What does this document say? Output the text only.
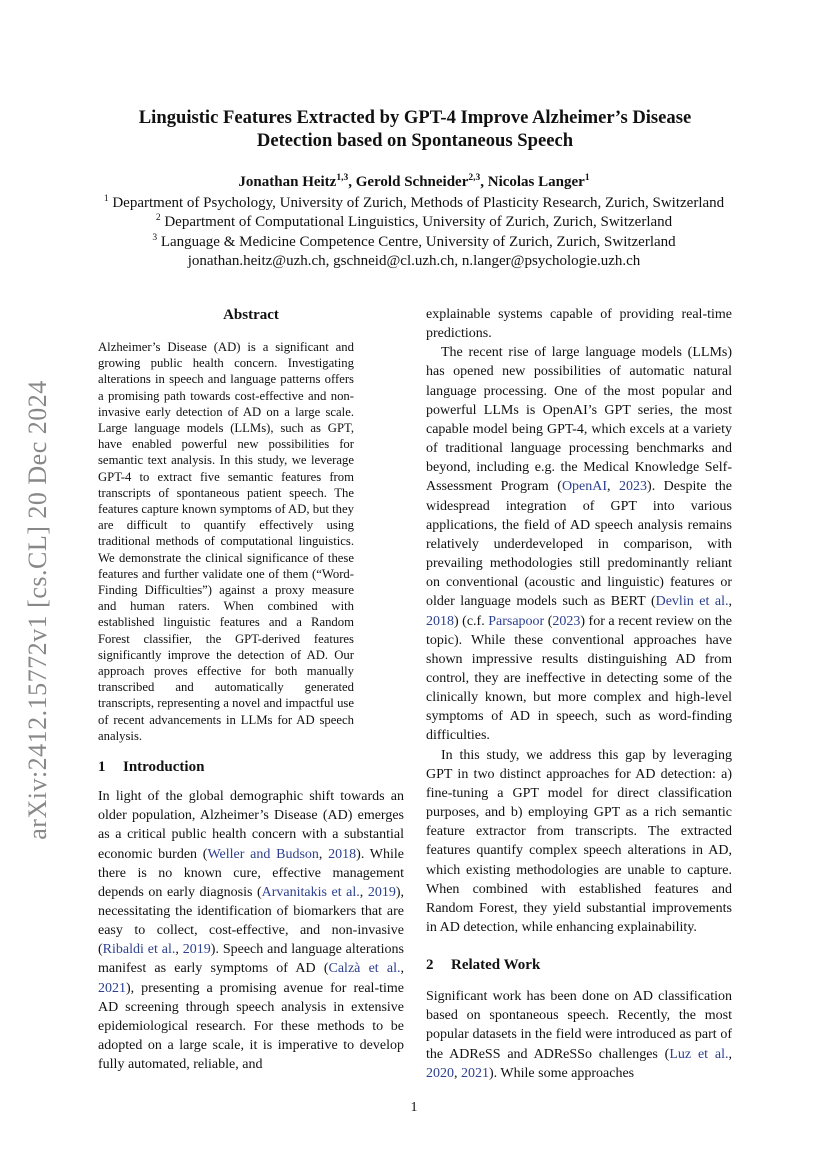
arXiv:2412.15772v1 [cs.CL] 20 Dec 2024
Linguistic Features Extracted by GPT-4 Improve Alzheimer’s Disease
Detection based on Spontaneous Speech
Jonathan Heitz$^{1,3}$, Gerold Schneider$^{2,3}$, Nicolas Langer$^1$
$^1$ Department of Psychology, University of Zurich, Methods of Plasticity Research, Zurich, Switzerland
$^2$ Department of Computational Linguistics, University of Zurich, Zurich, Switzerland
$^3$ Language & Medicine Competence Centre, University of Zurich, Zurich, Switzerland
jonathan.heitz@uzh.ch, gschneid@cl.uzh.ch, n.langer@psychologie.uzh.ch
Abstract

Alzheimer’s Disease (AD) is a significant and growing public health concern. Investigating alterations in speech and language patterns offers a promising path towards cost-effective and non-invasive early detection of AD on a large scale. Large language models (LLMs), such as GPT, have enabled powerful new possibilities for semantic text analysis. In this study, we leverage GPT-4 to extract five semantic features from transcripts of spontaneous patient speech. The features capture known symptoms of AD, but they are difficult to quantify effectively using traditional methods of computational linguistics. We demonstrate the clinical significance of these features and further validate one of them (“Word-Finding Difficulties”) against a proxy measure and human raters. When combined with established linguistic features and a Random Forest classifier, the GPT-derived features significantly improve the detection of AD. Our approach proves effective for both manually transcribed and automatically generated transcripts, representing a novel and impactful use of recent advancements in LLMs for AD speech analysis.

1 Introduction

In light of the global demographic shift towards an older population, Alzheimer’s Disease (AD) emerges as a critical public health concern with a substantial economic burden (Weller and Budson, 2018). While there is no known cure, effective management depends on early diagnosis (Arvanitakis et al., 2019), necessitating the identification of biomarkers that are easy to collect, cost-effective, and non-invasive (Ribaldi et al., 2019). Speech and language alterations manifest as early symptoms of AD (Calzà et al., 2021), presenting a promising avenue for real-time AD screening through speech analysis in extensive epidemiological research. For these methods to be adopted on a large scale, it is imperative to develop fully automated, reliable, and

explainable systems capable of providing real-time predictions.

The recent rise of large language models (LLMs) has opened new possibilities of automatic natural language processing. One of the most popular and powerful LLMs is OpenAI’s GPT series, the most capable model being GPT-4, which excels at a variety of traditional language processing benchmarks and beyond, including e.g. the Medical Knowledge Self-Assessment Program (OpenAI, 2023). Despite the widespread integration of GPT into various applications, the field of AD speech analysis remains relatively underdeveloped in comparison, with prevailing methodologies still predominantly reliant on conventional (acoustic and linguistic) features or older language models such as BERT (Devlin et al., 2018) (c.f. Parsapoor (2023) for a recent review on the topic). While these conventional approaches have shown impressive results distinguishing AD from control, they are ineffective in detecting some of the clinically known, but more complex and high-level symptoms of AD in speech, such as word-finding difficulties.

In this study, we address this gap by leveraging GPT in two distinct approaches for AD detection: a) fine-tuning a GPT model for direct classification purposes, and b) employing GPT as a rich semantic feature extractor from transcripts. The extracted features quantify complex speech alterations in AD, which existing methodologies are unable to capture. When combined with established features and Random Forest, they yield substantial improvements in AD detection, while enhancing explainability.

2 Related Work

Significant work has been done on AD classification based on spontaneous speech. Recently, the most popular datasets in the field were introduced as part of the ADReSS and ADReSSo challenges (Luz et al., 2020, 2021). While some approaches

1
